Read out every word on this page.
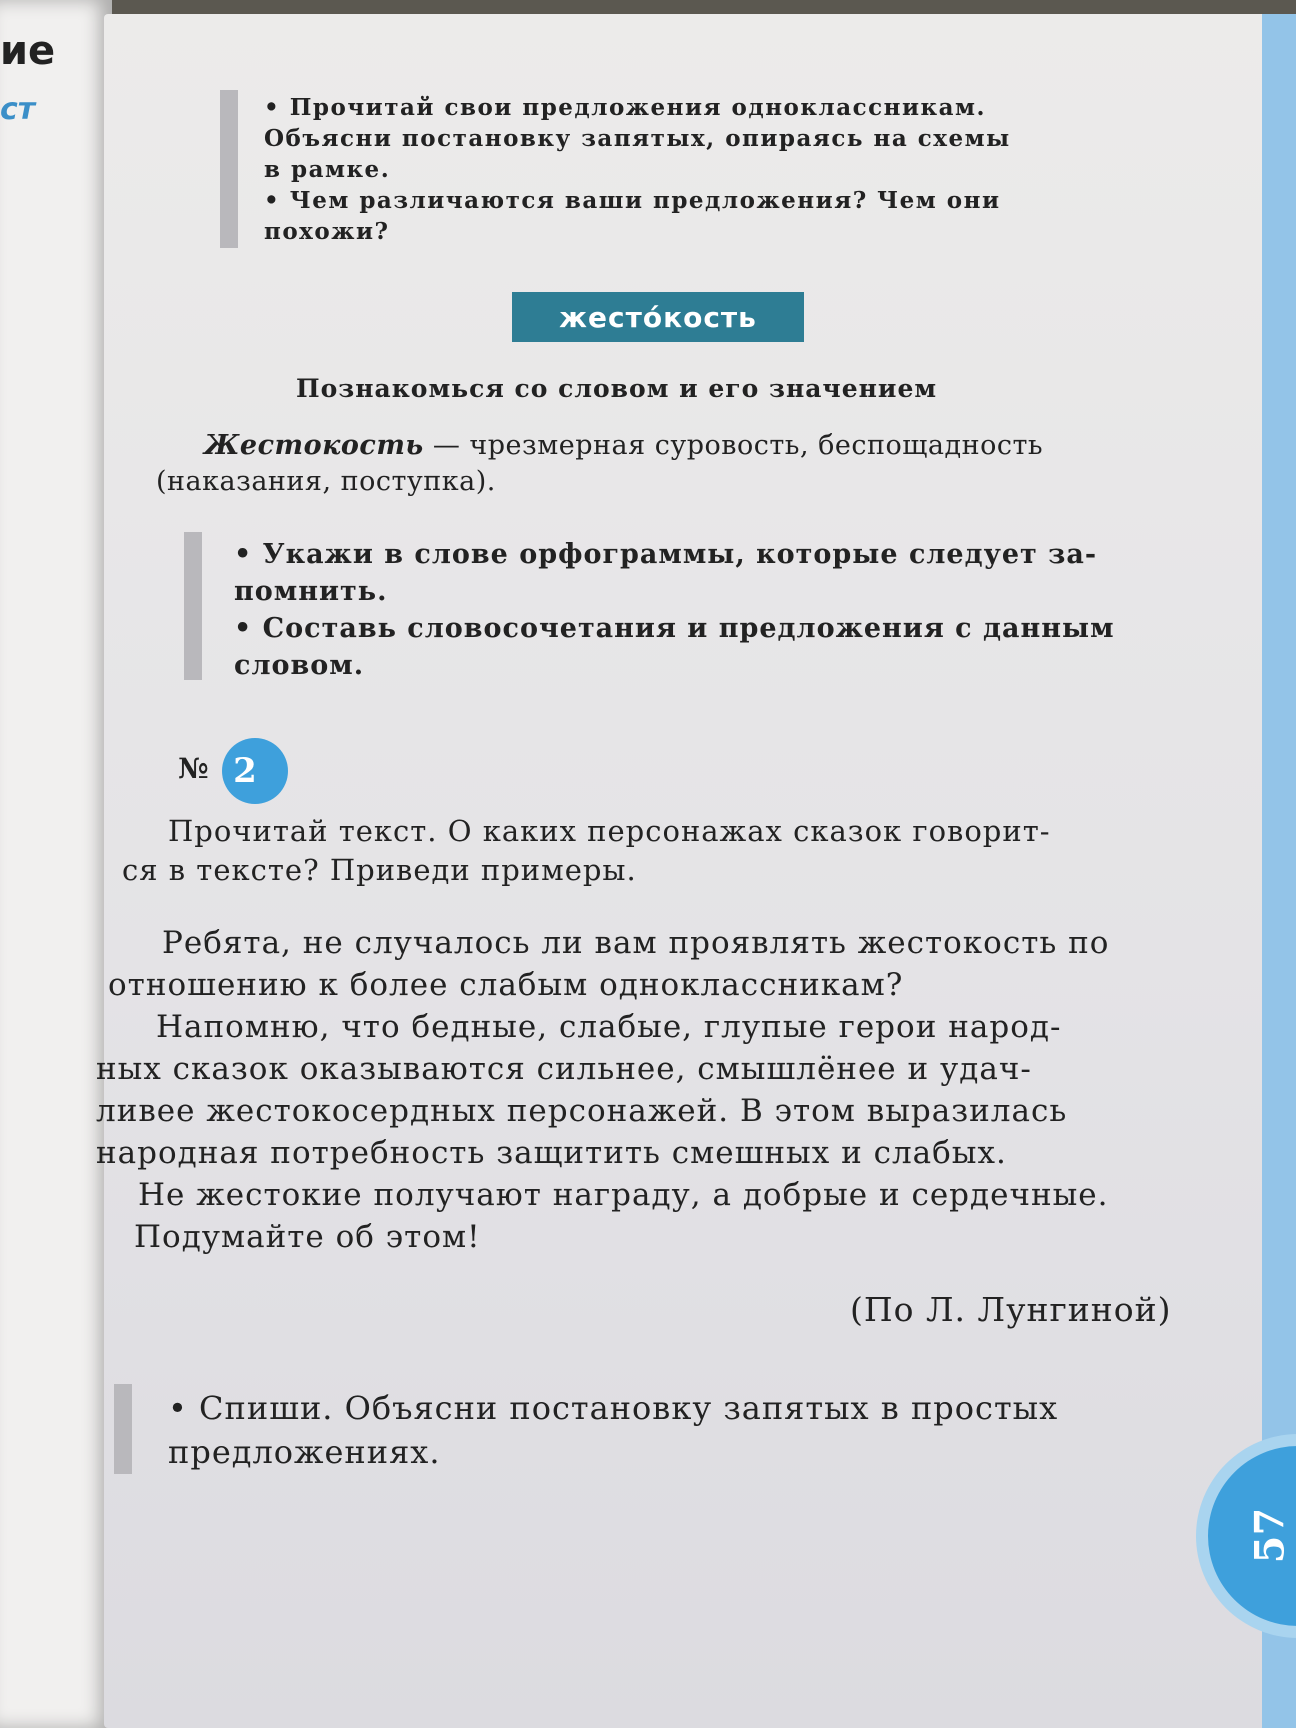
ие
ст	• Прочитай свои предложения одноклассникам.

Объясни постановку запятых, опираясь на схемы

в рамке.

• Чем различаются ваши предложения? Чем они

похожи?

жестóкость
Познакомься со словом и его значением
Жестокость — чрезмерная суровость, беспощадность
(наказания, поступка).

• Укажи в слове орфограммы, которые следует за-

помнить.

• Составь словосочетания и предложения с данным

словом.

2
№
Прочитай текст. О каких персонажах сказок говорит-
ся в тексте? Приведи примеры.
Ребята, не случалось ли вам проявлять жестокость по
отношению к более слабым одноклассникам?
Напомню, что бедные, слабые, глупые герои народ-
ных сказок оказываются сильнее, смышлёнее и удач-
ливее жестокосердных персонажей. В этом выразилась
народная потребность защитить смешных и слабых.
Не жестокие получают награду, а добрые и сердечные.
Подумайте об этом!
(По Л. Лунгиной)

• Спиши. Объясни постановку запятых в простых

предложениях.

57
